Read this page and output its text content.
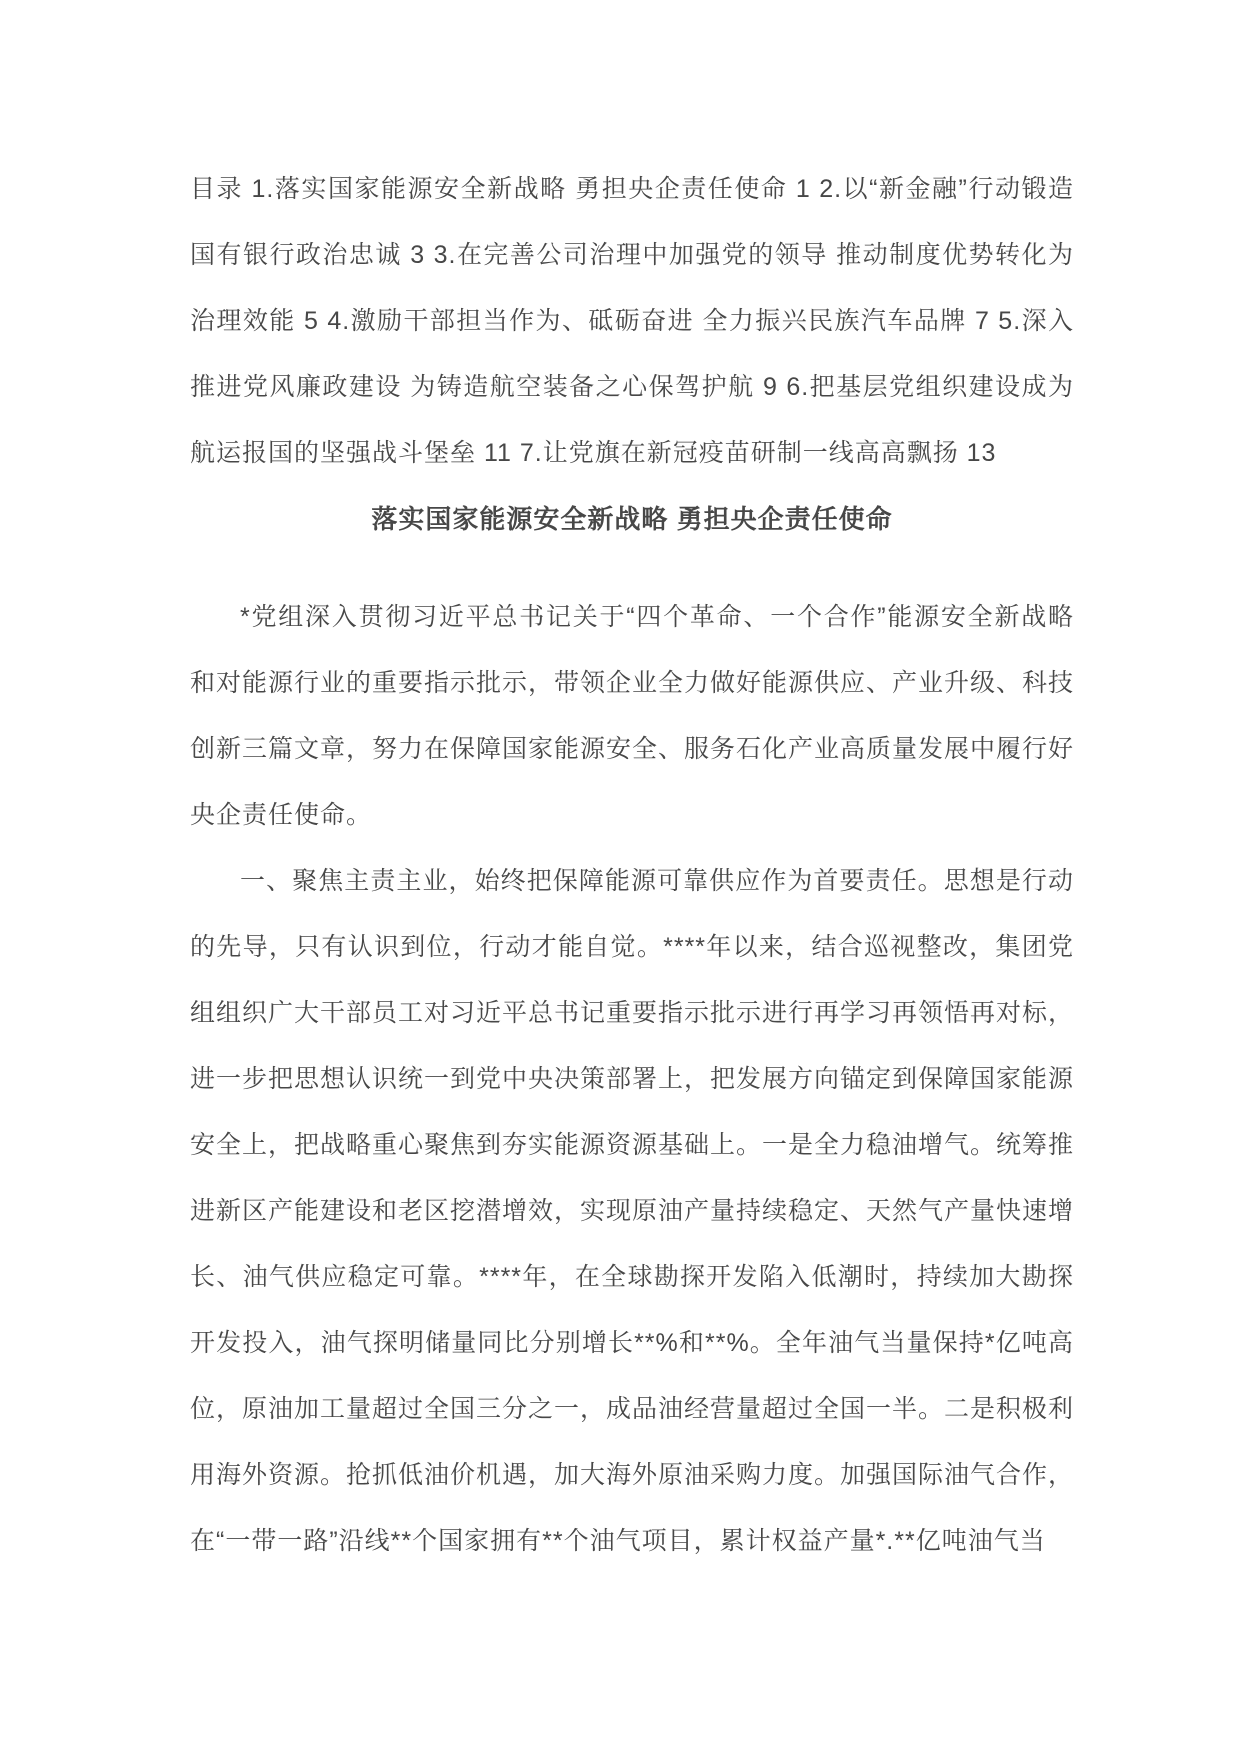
目录 1.落实国家能源安全新战略 勇担央企责任使命 1 2.以“新金融”行动锻造国有银行政治忠诚 3 3.在完善公司治理中加强党的领导 推动制度优势转化为治理效能 5 4.激励干部担当作为、砥砺奋进 全力振兴民族汽车品牌 7 5.深入推进党风廉政建设 为铸造航空装备之心保驾护航 9 6.把基层党组织建设成为 航运报国的坚强战斗堡垒 11 7.让党旗在新冠疫苗研制一线高高飘扬 13

落实国家能源安全新战略 勇担央企责任使命

*党组深入贯彻习近平总书记关于“四个革命、一个合作”能源安全新战略和对能源行业的重要指示批示，带领企业全力做好能源供应、产业升级、科技创新三篇文章，努力在保障国家能源安全、服务石化产业高质量发展中履行好央企责任使命。

一、聚焦主责主业，始终把保障能源可靠供应作为首要责任。思想是行动的先导，只有认识到位，行动才能自觉。****年以来，结合巡视整改，集团党组组织广大干部员工对习近平总书记重要指示批示进行再学习再领悟再对标，进一步把思想认识统一到党中央决策部署上，把发展方向锚定到保障国家能源安全上，把战略重心聚焦到夯实能源资源基础上。一是全力稳油增气。统筹推进新区产能建设和老区挖潜增效，实现原油产量持续稳定、天然气产量快速增长、油气供应稳定可靠。****年，在全球勘探开发陷入低潮时，持续加大勘探开发投入，油气探明储量同比分别增长**%和**%。全年油气当量保持*亿吨高位，原油加工量超过全国三分之一，成品油经营量超过全国一半。二是积极利用海外资源。抢抓低油价机遇，加大海外原油采购力度。加强国际油气合作，在“一带一路”沿线**个国家拥有**个油气项目，累计权益产量*.**亿吨油气当
